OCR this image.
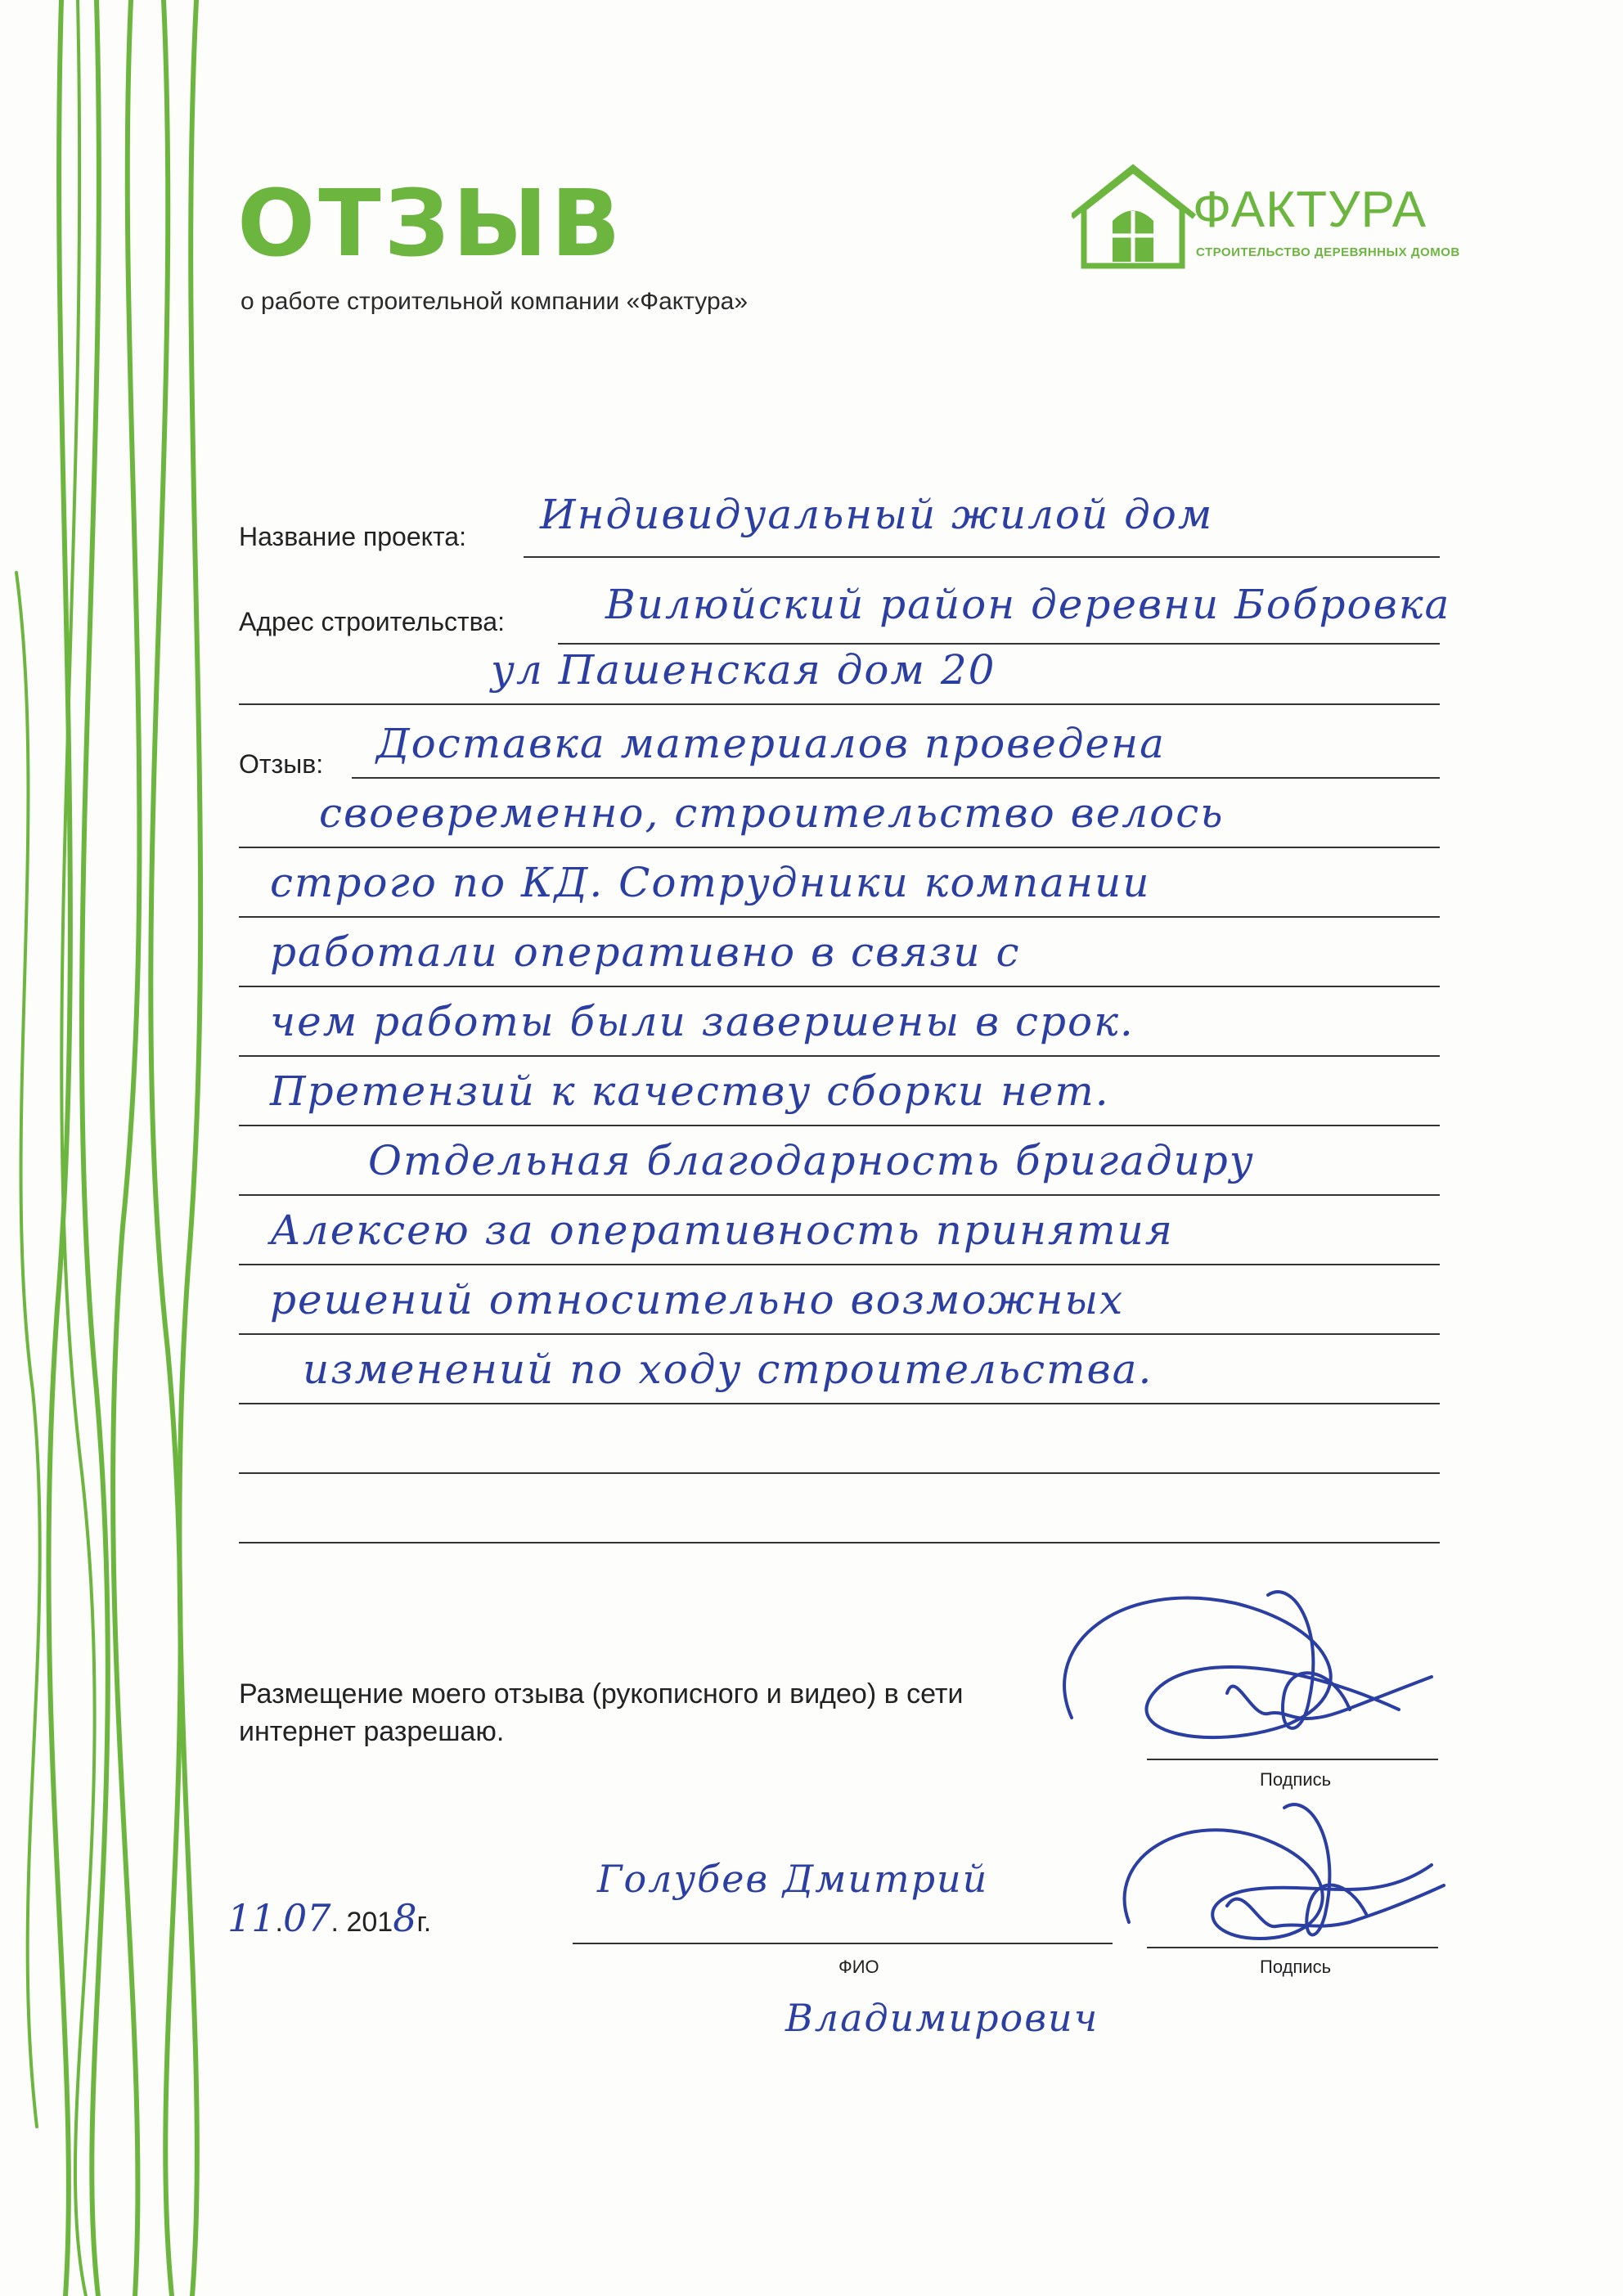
ОТЗЫВ
о работе строительной компании «Фактура»
ФАКТУРА
СТРОИТЕЛЬСТВО ДЕРЕВЯННЫХ ДОМОВ
Название проекта: Индивидуальный жилой дом
Адрес строительства: Вилюйский район деревни Бобровка
ул Пашенская дом 20
Отзыв: Доставка материалов проведена
своевременно, строительство велось
строго по КД. Сотрудники компании
работали оперативно в связи с
чем работы были завершены в срок.
Претензий к качеству сборки нет.
Отдельная благодарность бригадиру
Алексею за оперативность принятия
решений относительно возможных
изменений по ходу строительства.
Размещение моего отзыва (рукописного и видео) в сети интернет разрешаю.
Подпись
11.07. 2018г.
Голубев Дмитрий
ФИО
Владимирович
Подпись
